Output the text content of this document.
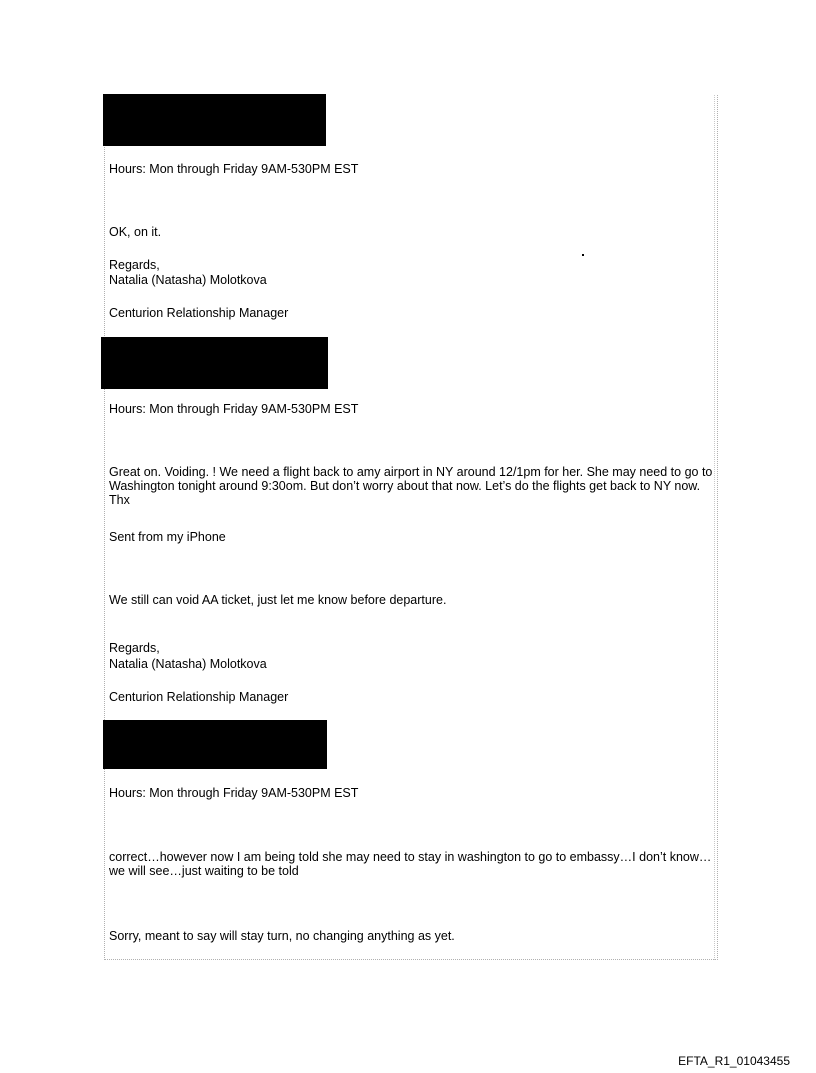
Hours: Mon through Friday 9AM-530PM EST
OK, on it.
Regards,
Natalia (Natasha) Molotkova
Centurion Relationship Manager
Hours: Mon through Friday 9AM-530PM EST
Great on. Voiding. ! We need a flight back to amy airport in NY around 12/1pm for her. She may need to go to Washington tonight around 9:30om. But don’t worry about that now. Let’s do the flights get back to NY now. Thx
Sent from my iPhone
We still can void AA ticket, just let me know before departure.
Regards,
Natalia (Natasha) Molotkova
Centurion Relationship Manager
Hours: Mon through Friday 9AM-530PM EST
correct…however now I am being told she may need to stay in washington to go to embassy…I don’t know…we will see…just waiting to be told
Sorry, meant to say will stay turn, no changing anything as yet.
EFTA_R1_01043455
